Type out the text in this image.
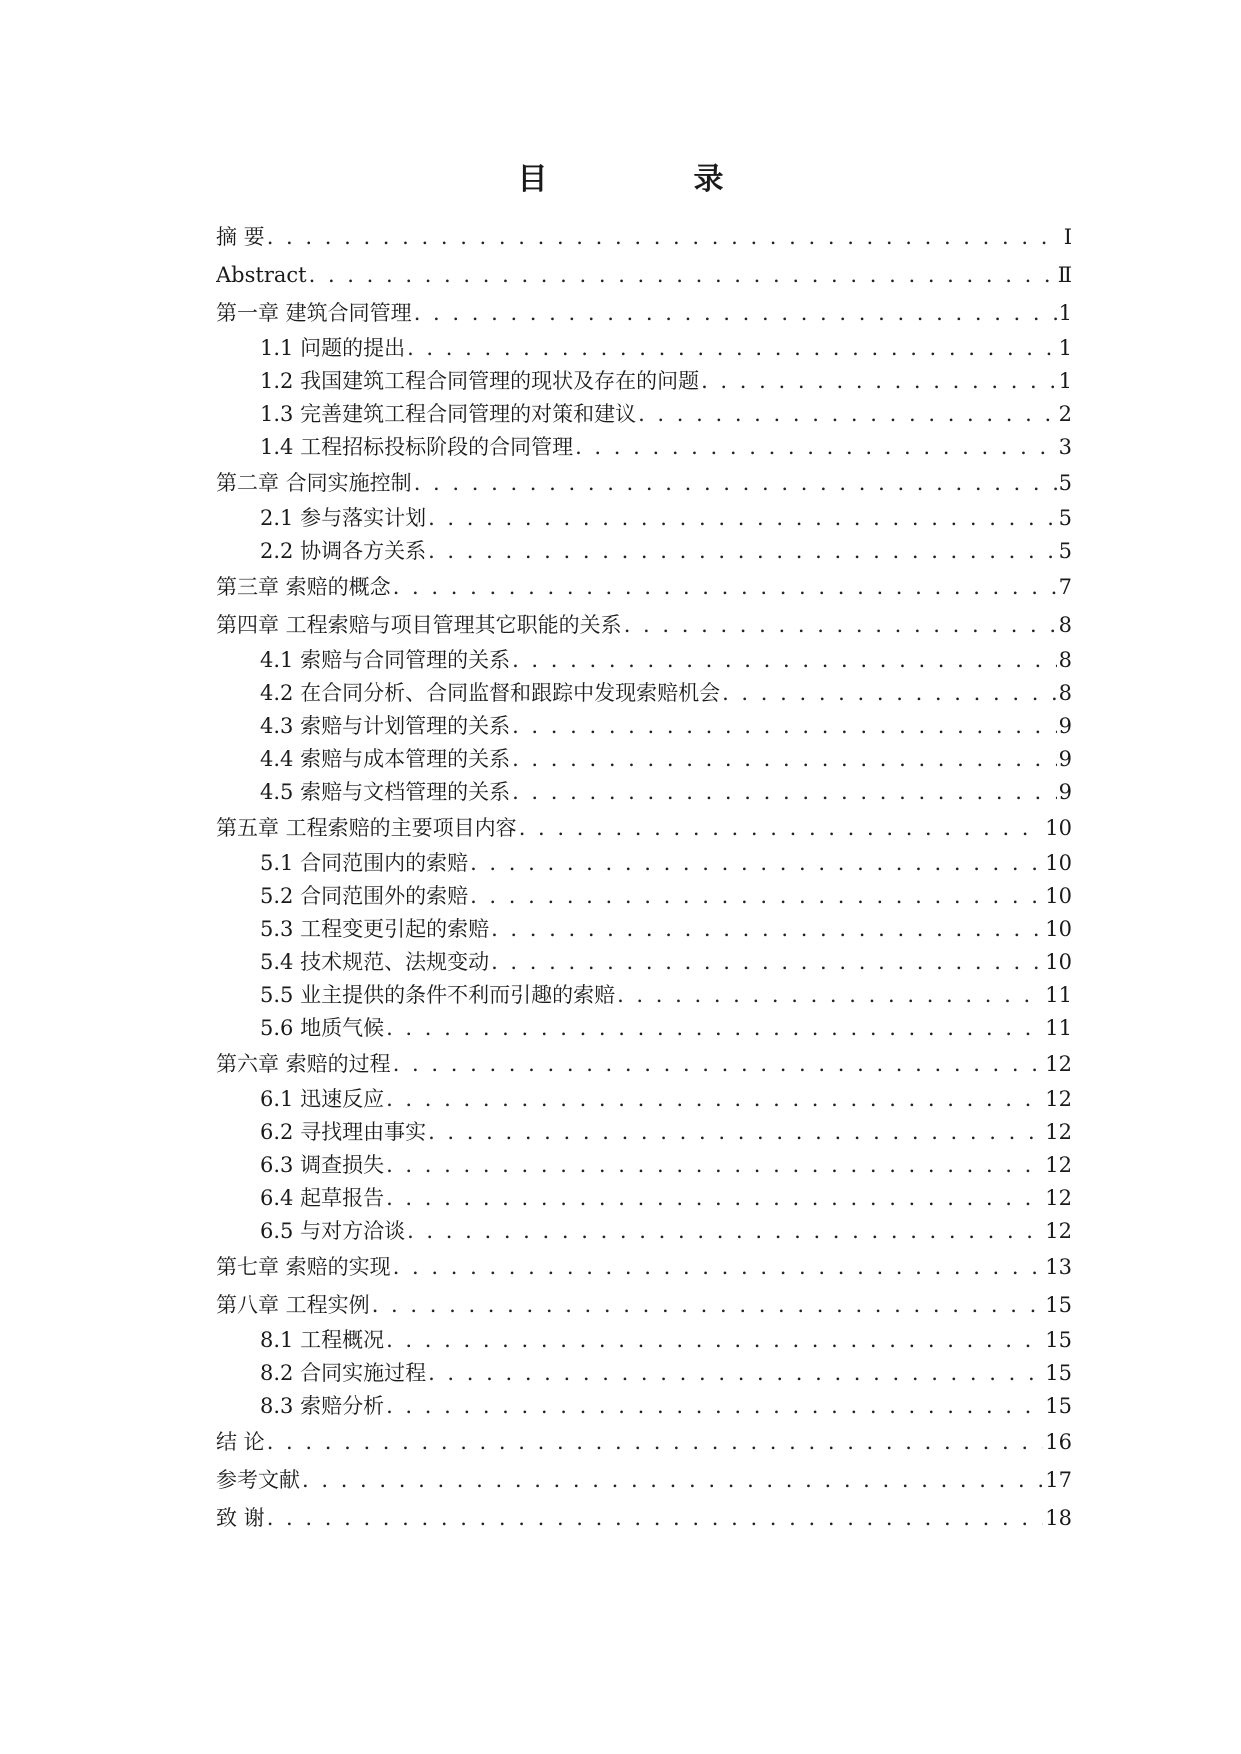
目　录
摘 要 . . .	Ⅰ
Abstract . . .	Ⅱ
第一章 建筑合同管理 . . .	1
1.1 问题的提出 . . .	1
1.2 我国建筑工程合同管理的现状及存在的问题 . . .	1
1.3 完善建筑工程合同管理的对策和建议 . . .	2
1.4 工程招标投标阶段的合同管理 . . .	3
第二章 合同实施控制 . . .	5
2.1 参与落实计划 . . .	5
2.2 协调各方关系 . . .	5
第三章 索赔的概念 . . .	7
第四章 工程索赔与项目管理其它职能的关系 . . .	8
4.1 索赔与合同管理的关系 . . .	8
4.2 在合同分析、合同监督和跟踪中发现索赔机会 . . .	8
4.3 索赔与计划管理的关系 . . .	9
4.4 索赔与成本管理的关系 . . .	9
4.5 索赔与文档管理的关系 . . .	9
第五章 工程索赔的主要项目内容 . . .	10
5.1 合同范围内的索赔 . . .	10
5.2 合同范围外的索赔 . . .	10
5.3 工程变更引起的索赔 . . .	10
5.4 技术规范、法规变动 . . .	10
5.5 业主提供的条件不利而引趣的索赔 . . .	11
5.6 地质气候 . . .	11
第六章 索赔的过程 . . .	12
6.1 迅速反应 . . .	12
6.2 寻找理由事实 . . .	12
6.3 调查损失 . . .	12
6.4 起草报告 . . .	12
6.5 与对方洽谈 . . .	12
第七章 索赔的实现 . . .	13
第八章 工程实例 . . .	15
8.1 工程概况 . . .	15
8.2 合同实施过程 . . .	15
8.3 索赔分析 . . .	15
结 论 . . .	16
参考文献 . . .	17
致 谢 . . .	18
